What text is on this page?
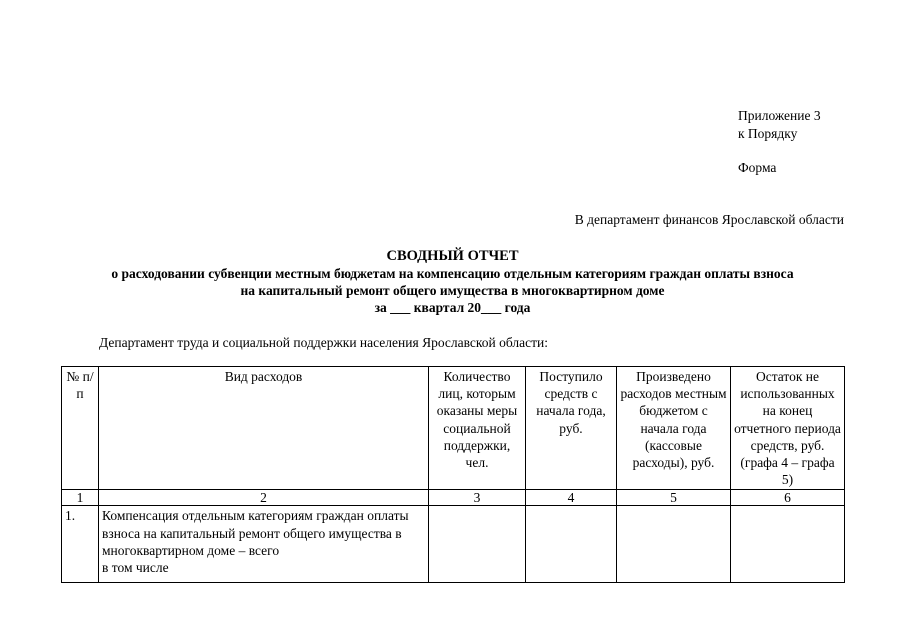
Приложение 3
к Порядку
Форма
В департамент финансов Ярославской области
СВОДНЫЙ ОТЧЕТ
о расходовании субвенции местным бюджетам на компенсацию отдельным категориям граждан оплаты взноса
на капитальный ремонт общего имущества в многоквартирном доме
за ___ квартал 20___ года
Департамент труда и социальной поддержки населения Ярославской области:
№ п/п	Вид расходов	Количество лиц, которым оказаны меры социальной поддержки, чел.	Поступило средств с начала года, руб.	Произведено расходов местным бюджетом с начала года (кассовые расходы), руб.	Остаток не использованных на конец отчетного периода средств, руб. (графа 4 – графа 5)
1	2	3	4	5	6
1.	Компенсация отдельным категориям граждан оплаты взноса на капитальный ремонт общего имущества в многоквартирном доме – всего
в том числе				
